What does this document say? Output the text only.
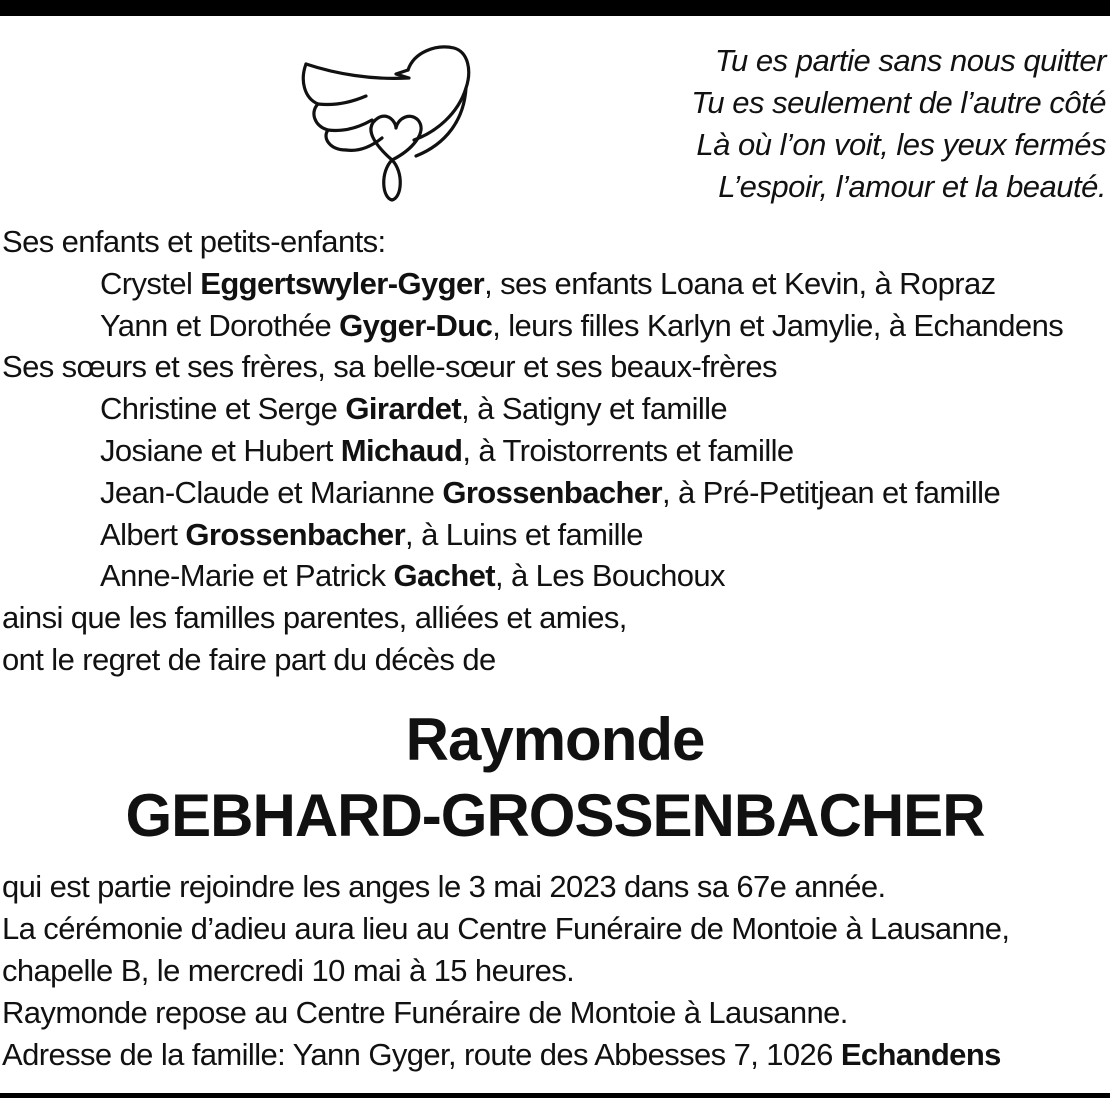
Tu es partie sans nous quitter
Tu es seulement de l’autre côté
Là où l’on voit, les yeux fermés
L’espoir, l’amour et la beauté.
Ses enfants et petits-enfants:
Crystel Eggertswyler-Gyger, ses enfants Loana et Kevin, à Ropraz
Yann et Dorothée Gyger-Duc, leurs filles Karlyn et Jamylie, à Echandens
Ses sœurs et ses frères, sa belle-sœur et ses beaux-frères
Christine et Serge Girardet, à Satigny et famille
Josiane et Hubert Michaud, à Troistorrents et famille
Jean-Claude et Marianne Grossenbacher, à Pré-Petitjean et famille
Albert Grossenbacher, à Luins et famille
Anne-Marie et Patrick Gachet, à Les Bouchoux
ainsi que les familles parentes, alliées et amies,
ont le regret de faire part du décès de
Raymonde
GEBHARD-GROSSENBACHER
qui est partie rejoindre les anges le 3 mai 2023 dans sa 67e année.
La cérémonie d’adieu aura lieu au Centre Funéraire de Montoie à Lausanne,
chapelle B, le mercredi 10 mai à 15 heures.
Raymonde repose au Centre Funéraire de Montoie à Lausanne.
Adresse de la famille: Yann Gyger, route des Abbesses 7, 1026 Echandens
